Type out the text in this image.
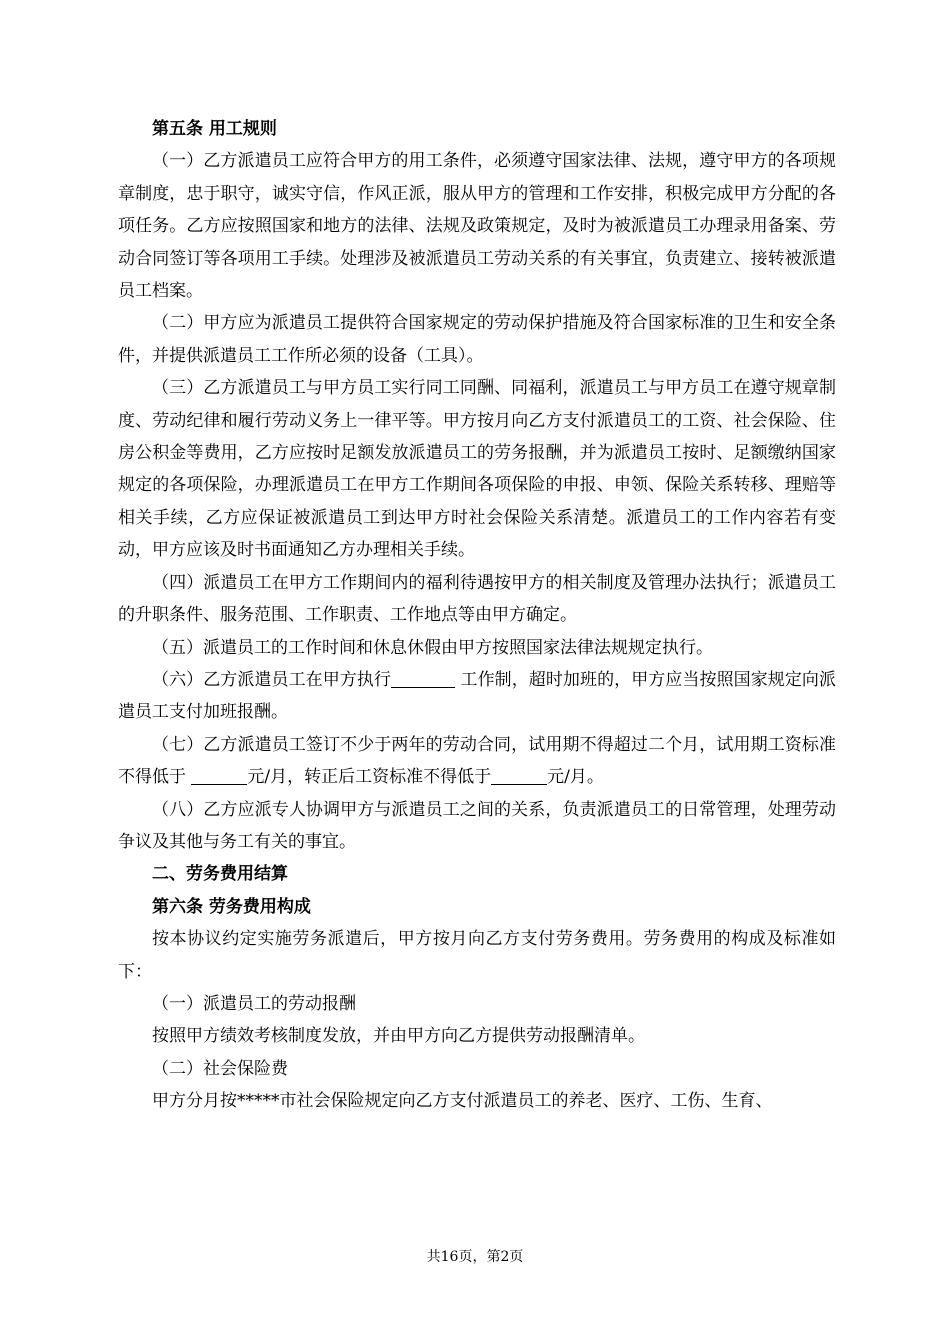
第五条 用工规则

（一）乙方派遣员工应符合甲方的用工条件，必须遵守国家法律、法规，遵守甲方的各项规章制度，忠于职守，诚实守信，作风正派，服从甲方的管理和工作安排，积极完成甲方分配的各项任务。乙方应按照国家和地方的法律、法规及政策规定，及时为被派遣员工办理录用备案、劳动合同签订等各项用工手续。处理涉及被派遣员工劳动关系的有关事宜，负责建立、接转被派遣员工档案。

（二）甲方应为派遣员工提供符合国家规定的劳动保护措施及符合国家标准的卫生和安全条件，并提供派遣员工工作所必须的设备（工具）。

（三）乙方派遣员工与甲方员工实行同工同酬、同福利，派遣员工与甲方员工在遵守规章制度、劳动纪律和履行劳动义务上一律平等。甲方按月向乙方支付派遣员工的工资、社会保险、住房公积金等费用，乙方应按时足额发放派遣员工的劳务报酬，并为派遣员工按时、足额缴纳国家规定的各项保险，办理派遣员工在甲方工作期间各项保险的申报、申领、保险关系转移、理赔等相关手续，乙方应保证被派遣员工到达甲方时社会保险关系清楚。派遣员工的工作内容若有变动，甲方应该及时书面通知乙方办理相关手续。

（四）派遣员工在甲方工作期间内的福利待遇按甲方的相关制度及管理办法执行；派遣员工的升职条件、服务范围、工作职责、工作地点等由甲方确定。

（五）派遣员工的工作时间和休息休假由甲方按照国家法律法规规定执行。

（六）乙方派遣员工在甲方执行	工作制，超时加班的，甲方应当按照国家规定向派遣员工支付加班报酬。

（七）乙方派遣员工签订不少于两年的劳动合同，试用期不得超过二个月，试用期工资标准不得低于	元/月，转正后工资标准不得低于	元/月。

（八）乙方应派专人协调甲方与派遣员工之间的关系，负责派遣员工的日常管理，处理劳动争议及其他与务工有关的事宜。

二、劳务费用结算

第六条 劳务费用构成

按本协议约定实施劳务派遣后，甲方按月向乙方支付劳务费用。劳务费用的构成及标准如下：

（一）派遣员工的劳动报酬

按照甲方绩效考核制度发放，并由甲方向乙方提供劳动报酬清单。

（二）社会保险费

甲方分月按*****市社会保险规定向乙方支付派遣员工的养老、医疗、工伤、生育、

共16页，第2页
